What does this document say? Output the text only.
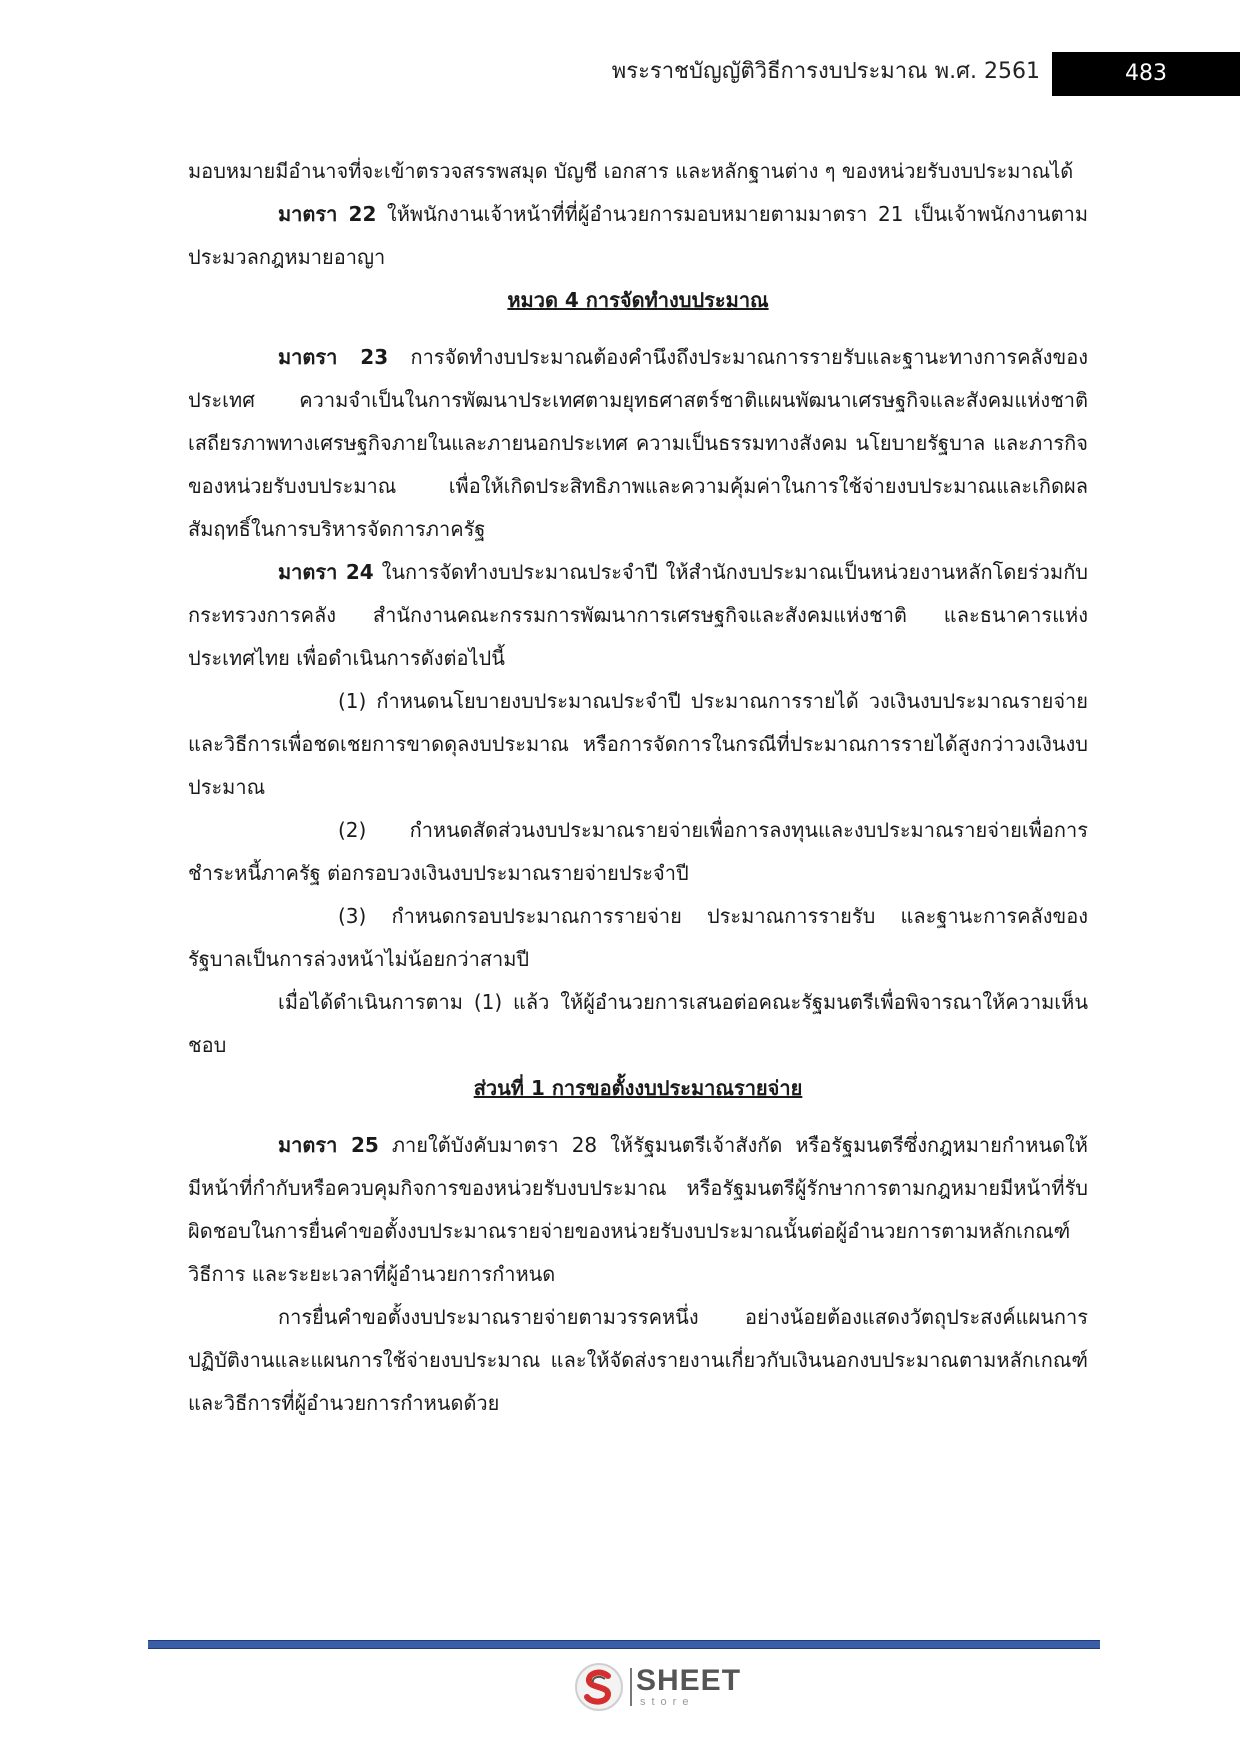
พระราชบัญญัติวิธีการงบประมาณ พ.ศ. 2561	483

มอบหมายมีอำนาจที่จะเข้าตรวจสรรพสมุด บัญชี เอกสาร และหลักฐานต่าง ๆ ของหน่วยรับงบประมาณได้

มาตรา 22 ให้พนักงานเจ้าหน้าที่ที่ผู้อำนวยการมอบหมายตามมาตรา 21 เป็นเจ้าพนักงานตามประมวลกฎหมายอาญา

หมวด 4 การจัดทำงบประมาณ

มาตรา 23 การจัดทำงบประมาณต้องคำนึงถึงประมาณการรายรับและฐานะทางการคลังของประเทศ ความจำเป็นในการพัฒนาประเทศตามยุทธศาสตร์ชาติแผนพัฒนาเศรษฐกิจและสังคมแห่งชาติ เสถียรภาพทางเศรษฐกิจภายในและภายนอกประเทศ ความเป็นธรรมทางสังคม นโยบายรัฐบาล และภารกิจของหน่วยรับงบประมาณ เพื่อให้เกิดประสิทธิภาพและความคุ้มค่าในการใช้จ่ายงบประมาณและเกิดผลสัมฤทธิ์ในการบริหารจัดการภาครัฐ

มาตรา 24 ในการจัดทำงบประมาณประจำปี ให้สำนักงบประมาณเป็นหน่วยงานหลักโดยร่วมกับกระทรวงการคลัง สำนักงานคณะกรรมการพัฒนาการเศรษฐกิจและสังคมแห่งชาติ และธนาคารแห่งประเทศไทย เพื่อดำเนินการดังต่อไปนี้

(1) กำหนดนโยบายงบประมาณประจำปี ประมาณการรายได้ วงเงินงบประมาณรายจ่ายและวิธีการเพื่อชดเชยการขาดดุลงบประมาณ หรือการจัดการในกรณีที่ประมาณการรายได้สูงกว่าวงเงินงบประมาณ

(2) กำหนดสัดส่วนงบประมาณรายจ่ายเพื่อการลงทุนและงบประมาณรายจ่ายเพื่อการชำระหนี้ภาครัฐ ต่อกรอบวงเงินงบประมาณรายจ่ายประจำปี

(3) กำหนดกรอบประมาณการรายจ่าย ประมาณการรายรับ และฐานะการคลังของรัฐบาลเป็นการล่วงหน้าไม่น้อยกว่าสามปี

เมื่อได้ดำเนินการตาม (1) แล้ว ให้ผู้อำนวยการเสนอต่อคณะรัฐมนตรีเพื่อพิจารณาให้ความเห็นชอบ

ส่วนที่ 1 การขอตั้งงบประมาณรายจ่าย

มาตรา 25 ภายใต้บังคับมาตรา 28 ให้รัฐมนตรีเจ้าสังกัด หรือรัฐมนตรีซึ่งกฎหมายกำหนดให้มีหน้าที่กำกับหรือควบคุมกิจการของหน่วยรับงบประมาณ หรือรัฐมนตรีผู้รักษาการตามกฎหมายมีหน้าที่รับผิดชอบในการยื่นคำขอตั้งงบประมาณรายจ่ายของหน่วยรับงบประมาณนั้นต่อผู้อำนวยการตามหลักเกณฑ์ วิธีการ และระยะเวลาที่ผู้อำนวยการกำหนด

การยื่นคำขอตั้งงบประมาณรายจ่ายตามวรรคหนึ่ง อย่างน้อยต้องแสดงวัตถุประสงค์แผนการปฏิบัติงานและแผนการใช้จ่ายงบประมาณ และให้จัดส่งรายงานเกี่ยวกับเงินนอกงบประมาณตามหลักเกณฑ์และวิธีการที่ผู้อำนวยการกำหนดด้วย

SHEET
store
